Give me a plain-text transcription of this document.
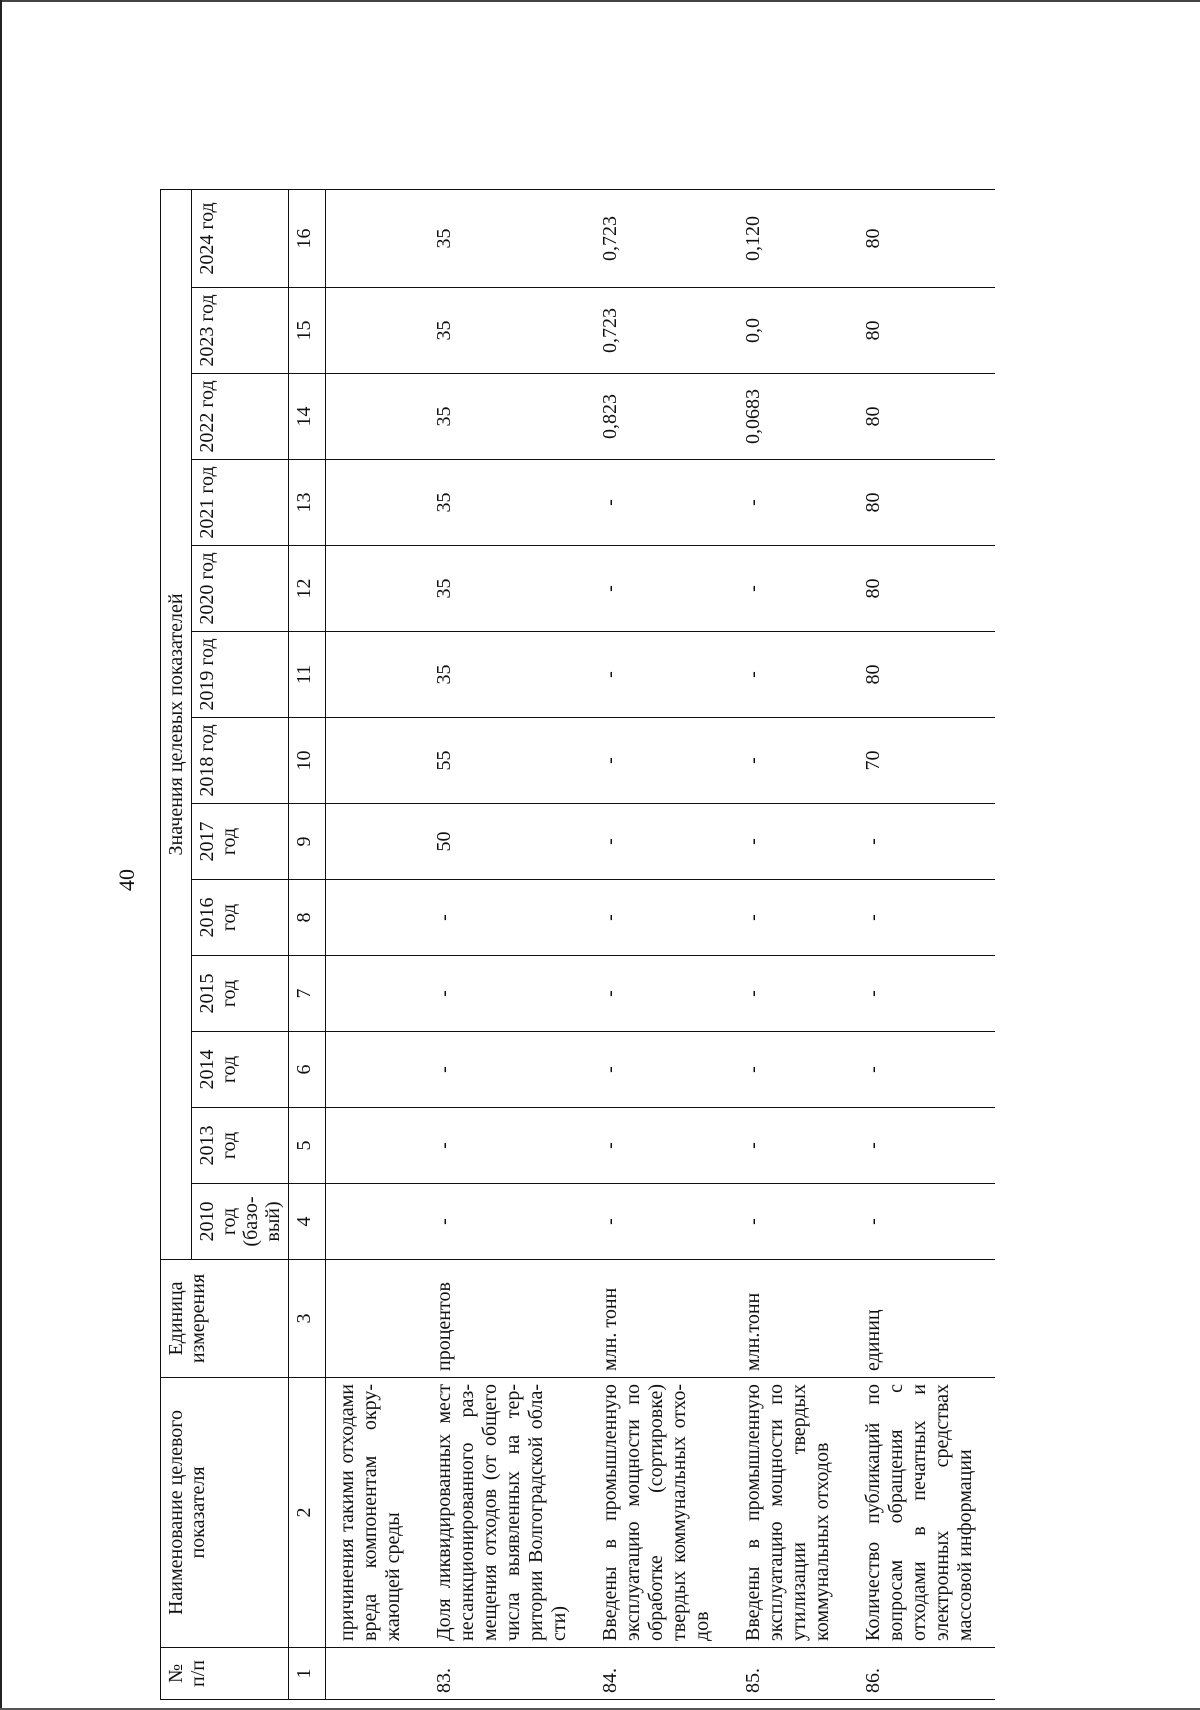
40
№ п/п	Наименование целевого показателя	Единица измерения	Значения целевых показателей												
			2010 год (базо-вый)	2013 год	2014 год	2015 год	2016 год	2017 год	2018 год	2019 год	2020 год	2021 год	2022 год	2023 год	2024 год
1	2	3	4	5	6	7	8	9	10	11	12	13	14	15	16
	причинения такими отходами вреда компонентам окру-жающей среды														
83.	Доля ликвидированных мест несанкционированного раз-мещения отходов (от общего числа выявленных на тер-ритории Волгоградской обла-сти)	процентов	-	-	-	-	-	50	55	35	35	35	35	35	35
84.	Введены в промышленную эксплуатацию мощности по обработке (сортировке) твердых коммунальных отхо-дов	млн. тонн	-	-	-	-	-	-	-	-	-	-	0,823	0,723	0,723
85.	Введены в промышленную эксплуатацию мощности по утилизации твердых коммунальных отходов	млн.тонн	-	-	-	-	-	-	-	-	-	-	0,0683	0,0	0,120
86.	Количество публикаций по вопросам обращения с отходами в печатных и электронных средствах массовой информации	единиц	-	-	-	-	-	-	70	80	80	80	80	80	80
